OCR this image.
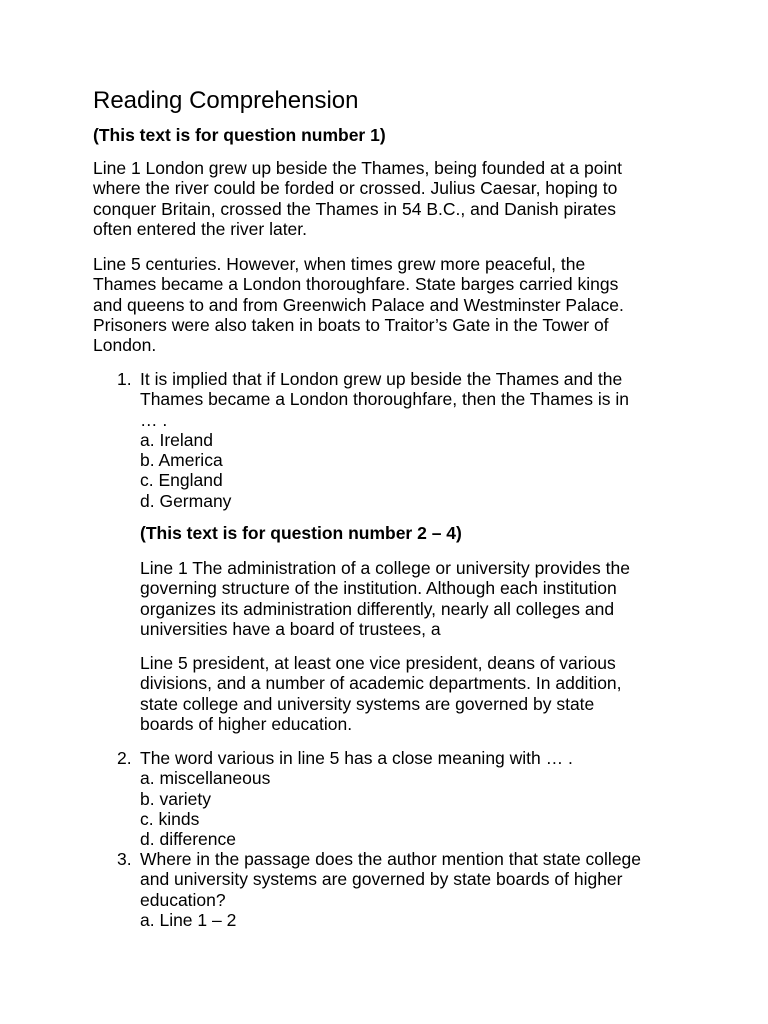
Reading Comprehension
(This text is for question number 1)
Line 1 London grew up beside the Thames, being founded at a point
where the river could be forded or crossed. Julius Caesar, hoping to
conquer Britain, crossed the Thames in 54 B.C., and Danish pirates
often entered the river later.
Line 5 centuries. However, when times grew more peaceful, the
Thames became a London thoroughfare. State barges carried kings
and queens to and from Greenwich Palace and Westminster Palace.
Prisoners were also taken in boats to Traitor’s Gate in the Tower of
London.
1. It is implied that if London grew up beside the Thames and the
Thames became a London thoroughfare, then the Thames is in
… .
a. Ireland
b. America
c. England
d. Germany
(This text is for question number 2 – 4)
Line 1 The administration of a college or university provides the
governing structure of the institution. Although each institution
organizes its administration differently, nearly all colleges and
universities have a board of trustees, a
Line 5 president, at least one vice president, deans of various
divisions, and a number of academic departments. In addition,
state college and university systems are governed by state
boards of higher education.
2. The word various in line 5 has a close meaning with … .
a. miscellaneous
b. variety
c. kinds
d. difference
3. Where in the passage does the author mention that state college
and university systems are governed by state boards of higher
education?
a. Line 1 – 2
